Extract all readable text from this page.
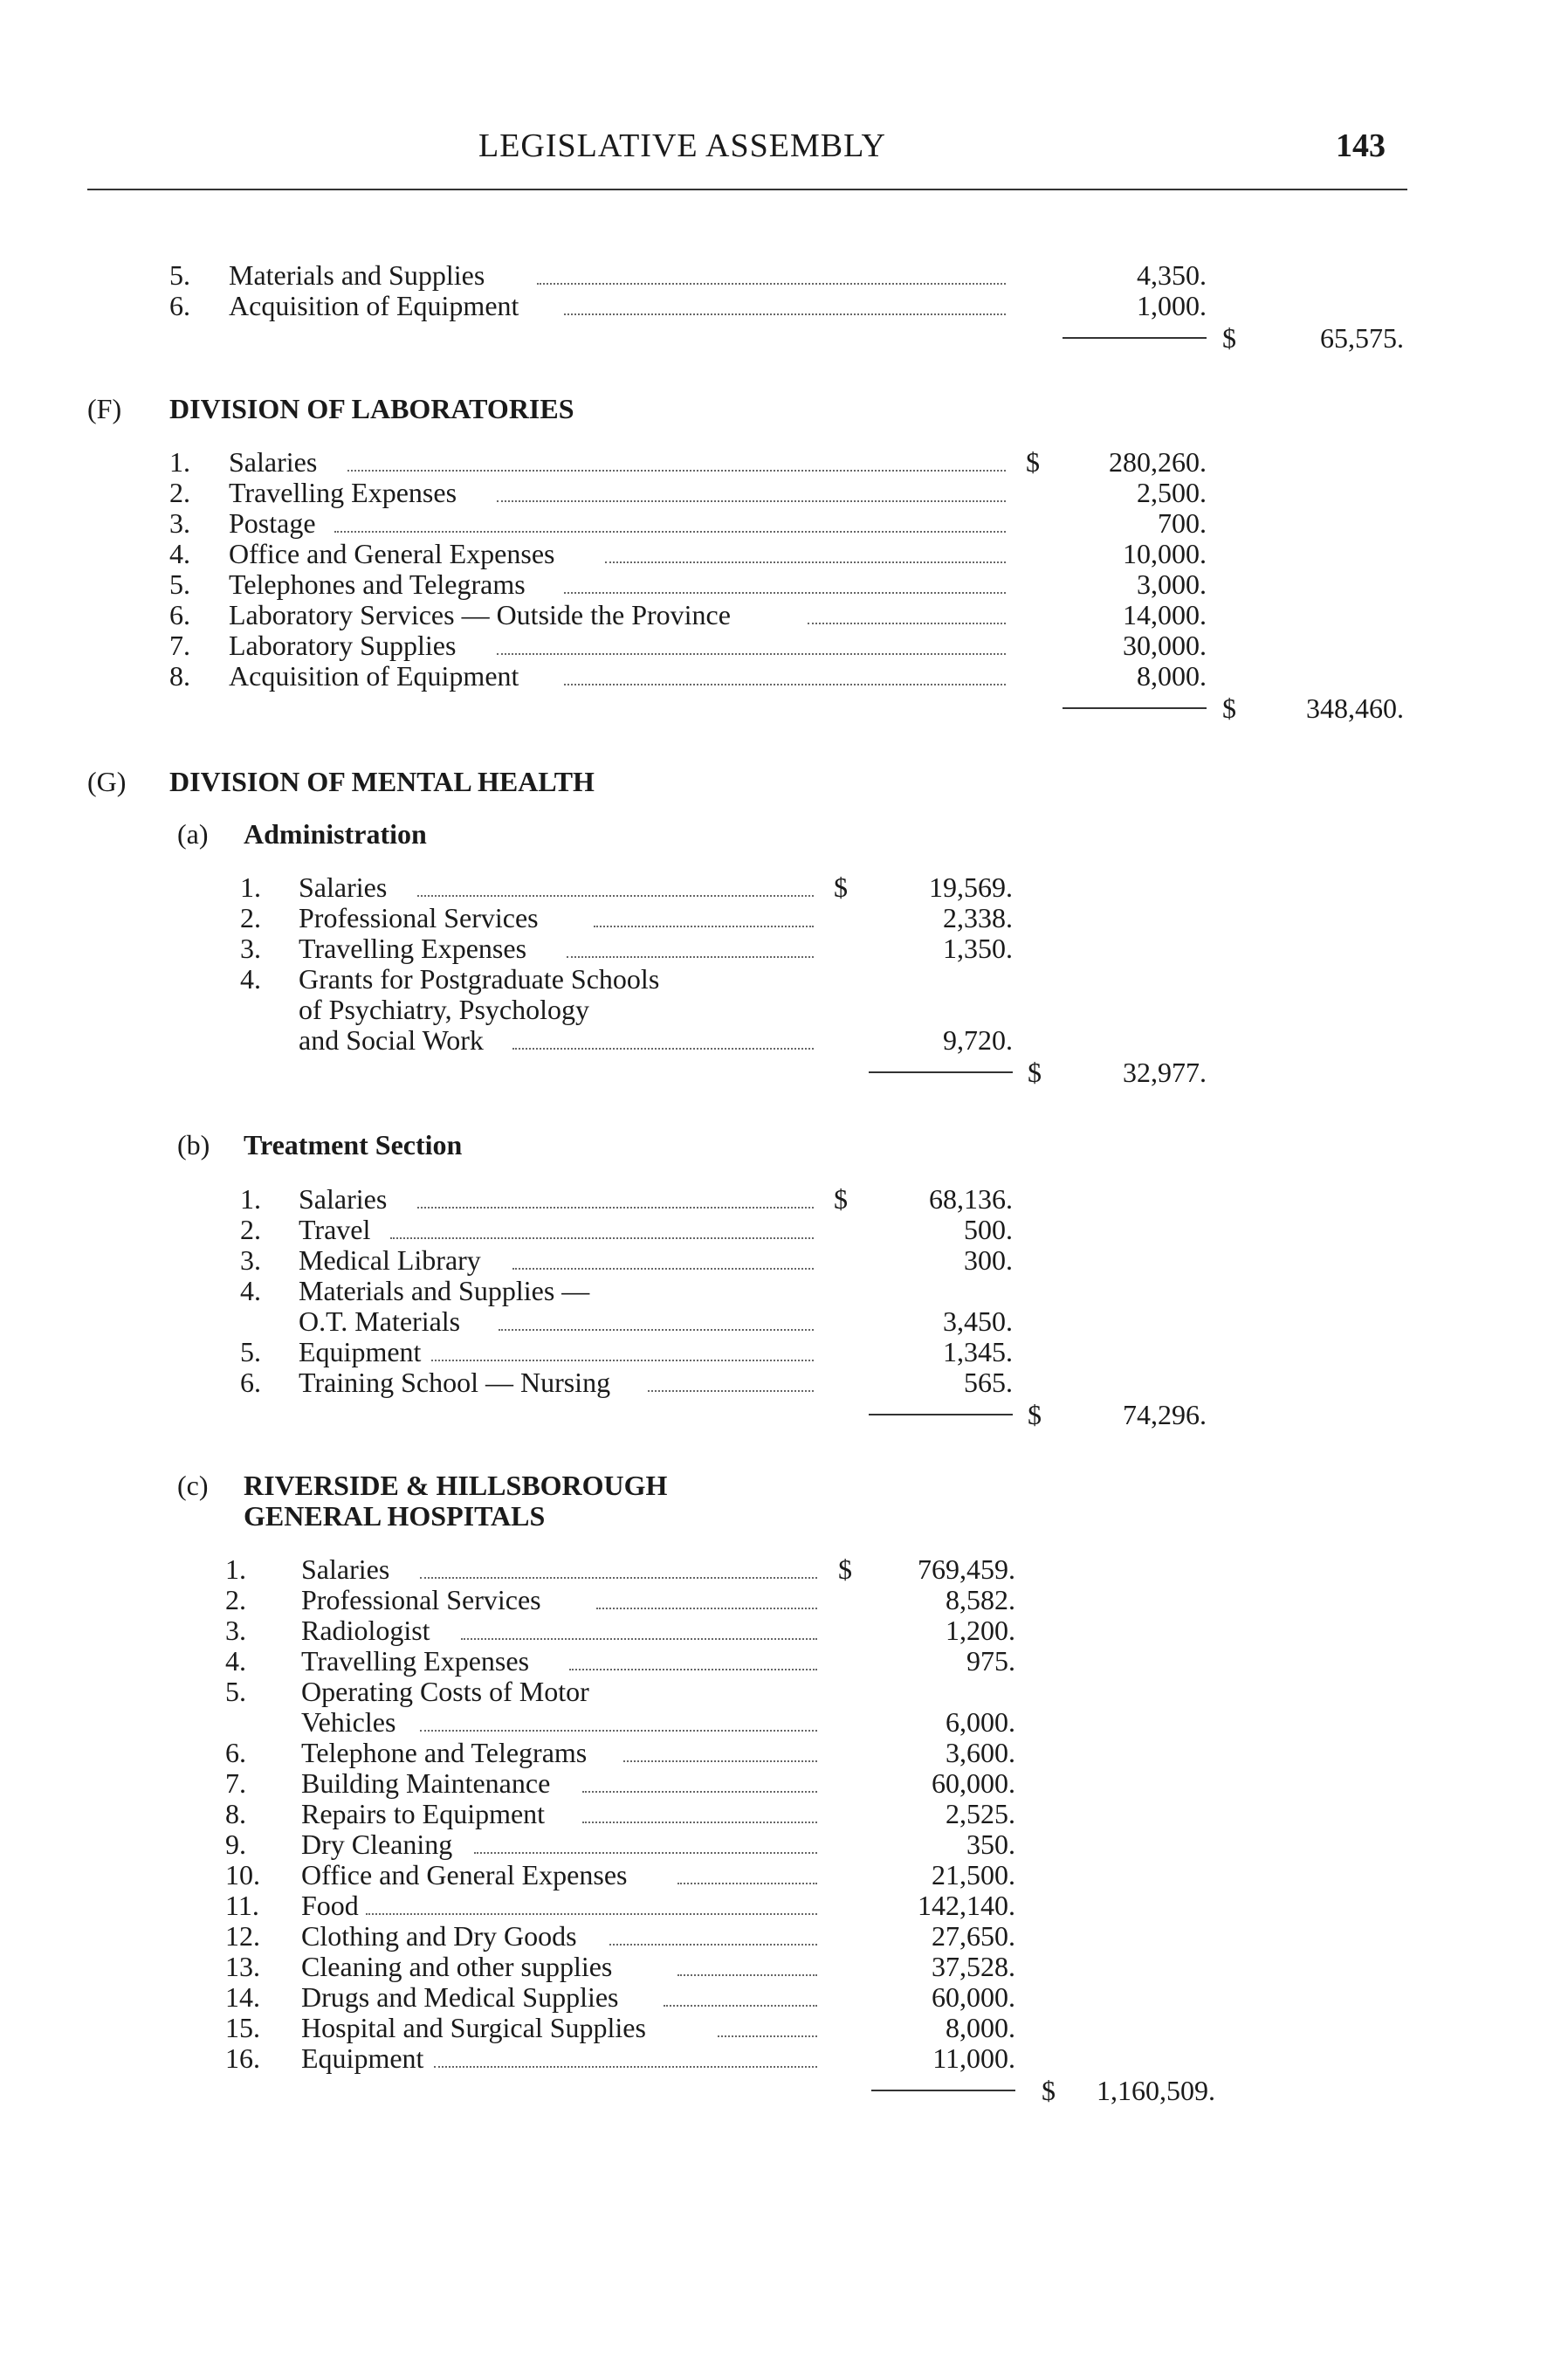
LEGISLATIVE ASSEMBLY	143
5. Materials and Supplies	4,350.
6. Acquisition of Equipment	1,000.
$	65,575.
(F) DIVISION OF LABORATORIES
1. Salaries	$	280,260.
2. Travelling Expenses	2,500.
3. Postage	700.
4. Office and General Expenses	10,000.
5. Telephones and Telegrams	3,000.
6. Laboratory Services — Outside the Province	14,000.
7. Laboratory Supplies	30,000.
8. Acquisition of Equipment	8,000.
$	348,460.
(G) DIVISION OF MENTAL HEALTH
(a) Administration
1. Salaries	$	19,569.
2. Professional Services	2,338.
3. Travelling Expenses	1,350.
4. Grants for Postgraduate Schools
of Psychiatry, Psychology
and Social Work	9,720.
$	32,977.
(b) Treatment Section
1. Salaries	$	68,136.
2. Travel	500.
3. Medical Library	300.
4. Materials and Supplies —
O.T. Materials	3,450.
5. Equipment	1,345.
6. Training School — Nursing	565.
$	74,296.
(c) RIVERSIDE & HILLSBOROUGH
GENERAL HOSPITALS
1. Salaries	$	769,459.
2. Professional Services	8,582.
3. Radiologist	1,200.
4. Travelling Expenses	975.
5. Operating Costs of Motor
Vehicles	6,000.
6. Telephone and Telegrams	3,600.
7. Building Maintenance	60,000.
8. Repairs to Equipment	2,525.
9. Dry Cleaning	350.
10. Office and General Expenses	21,500.
11. Food	142,140.
12. Clothing and Dry Goods	27,650.
13. Cleaning and other supplies	37,528.
14. Drugs and Medical Supplies	60,000.
15. Hospital and Surgical Supplies	8,000.
16. Equipment	11,000.
$	1,160,509.
